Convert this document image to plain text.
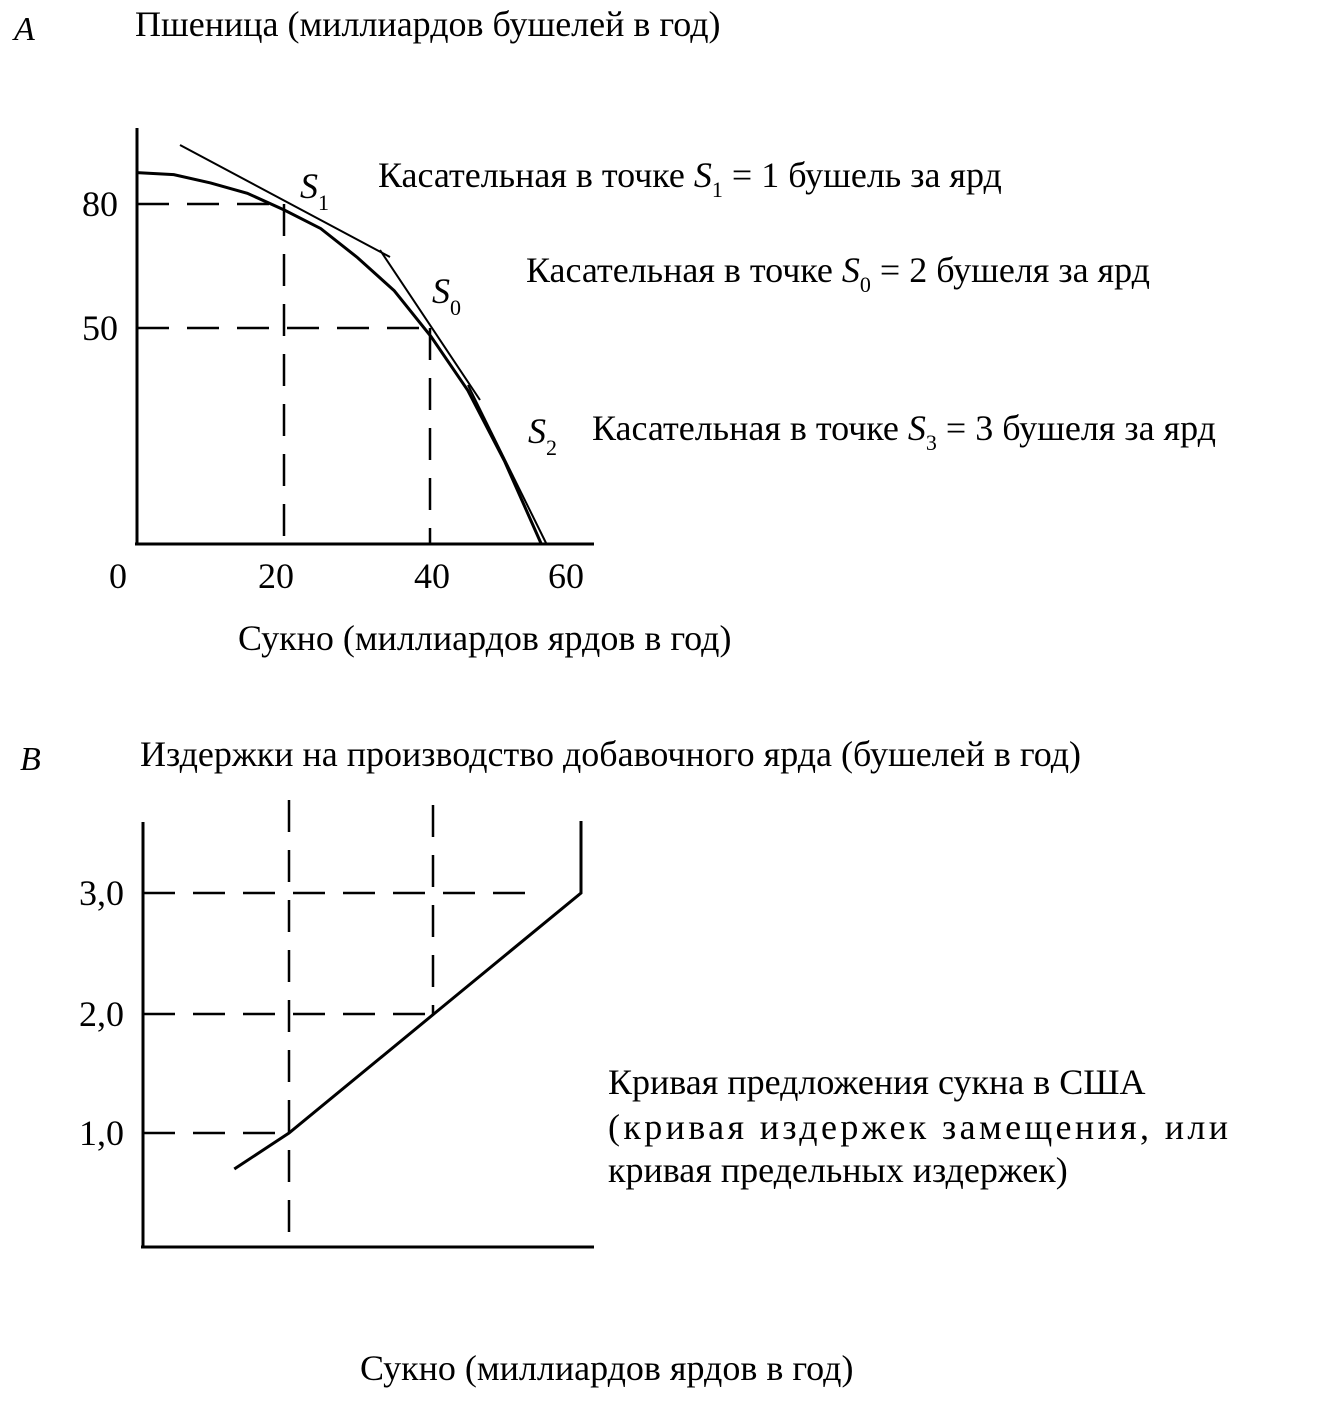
A	Пшеница (миллиардов бушелей в год)
80
50
0	20	40	60
S1
S0
S2
Касательная в точке $S_1 = 1$ бушель за ярд
Касательная в точке $S_0 = 2$ бушеля за ярд
Касательная в точке $S_3 = 3$ бушеля за ярд
Сукно (миллиардов ярдов в год)
B	Издержки на производство добавочного ярда (бушелей в год)
3,0
2,0
1,0
Кривая предложения сукна в США
(кривая издержек замещения, или
кривая предельных издержек)
Сукно (миллиардов ярдов в год)
